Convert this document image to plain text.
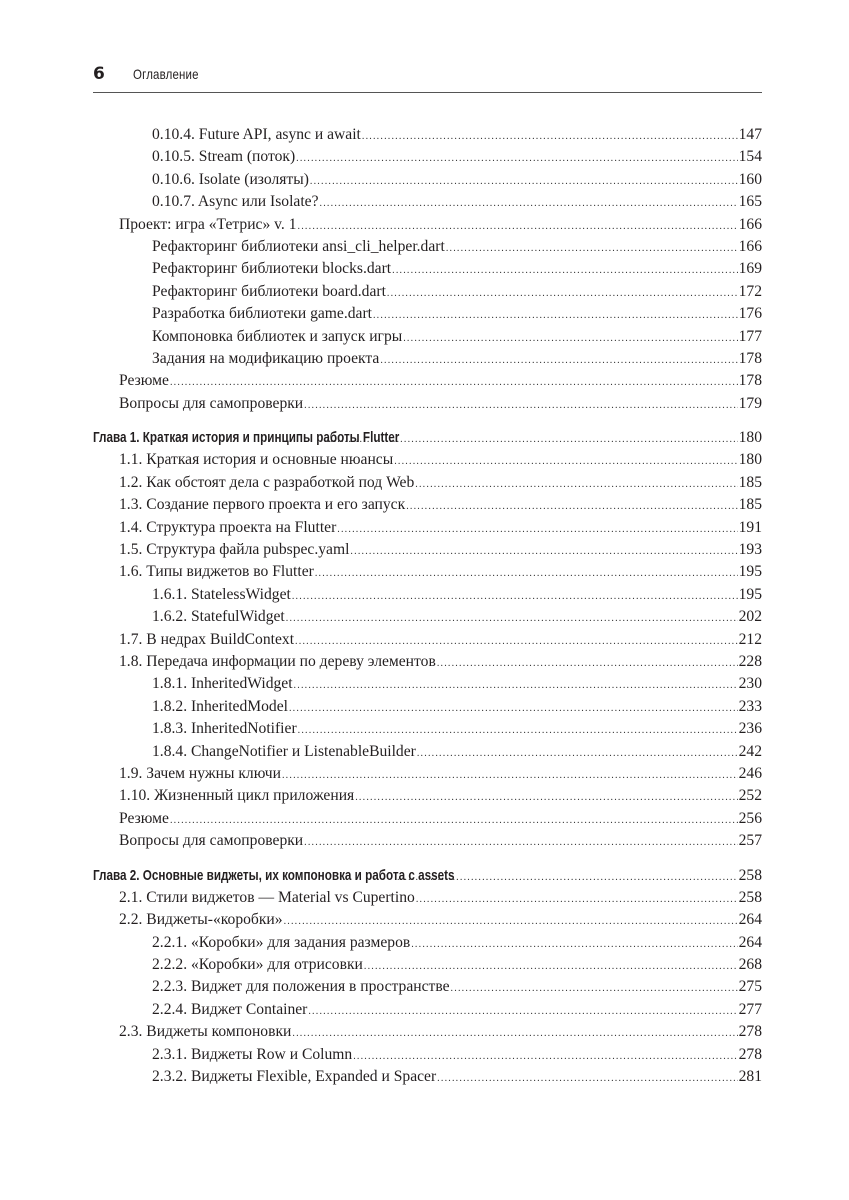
6 Оглавление
0.10.4. Future API, async и await .....	147
0.10.5. Stream (поток) .....	154
0.10.6. Isolate (изоляты) .....	160
0.10.7. Async или Isolate? .....	165
Проект: игра «Тетрис» v. 1 .....	166
Рефакторинг библиотеки ansi_cli_helper.dart .....	166
Рефакторинг библиотеки blocks.dart .....	169
Рефакторинг библиотеки board.dart .....	172
Разработка библиотеки game.dart .....	176
Компоновка библиотек и запуск игры .....	177
Задания на модификацию проекта .....	178
Резюме .....	178
Вопросы для самопроверки .....	179
Глава 1. Краткая история и принципы работы Flutter .....	180
1.1. Краткая история и основные нюансы .....	180
1.2. Как обстоят дела с разработкой под Web .....	185
1.3. Создание первого проекта и его запуск .....	185
1.4. Структура проекта на Flutter .....	191
1.5. Структура файла pubspec.yaml .....	193
1.6. Типы виджетов во Flutter .....	195
1.6.1. StatelessWidget .....	195
1.6.2. StatefulWidget .....	202
1.7. В недрах BuildContext .....	212
1.8. Передача информации по дереву элементов .....	228
1.8.1. InheritedWidget .....	230
1.8.2. InheritedModel .....	233
1.8.3. InheritedNotifier .....	236
1.8.4. ChangeNotifier и ListenableBuilder .....	242
1.9. Зачем нужны ключи .....	246
1.10. Жизненный цикл приложения .....	252
Резюме .....	256
Вопросы для самопроверки .....	257
Глава 2. Основные виджеты, их компоновка и работа с assets .....	258
2.1. Стили виджетов — Material vs Cupertino .....	258
2.2. Виджеты-«коробки» .....	264
2.2.1. «Коробки» для задания размеров .....	264
2.2.2. «Коробки» для отрисовки .....	268
2.2.3. Виджет для положения в пространстве .....	275
2.2.4. Виджет Container .....	277
2.3. Виджеты компоновки .....	278
2.3.1. Виджеты Row и Column .....	278
2.3.2. Виджеты Flexible, Expanded и Spacer .....	281
